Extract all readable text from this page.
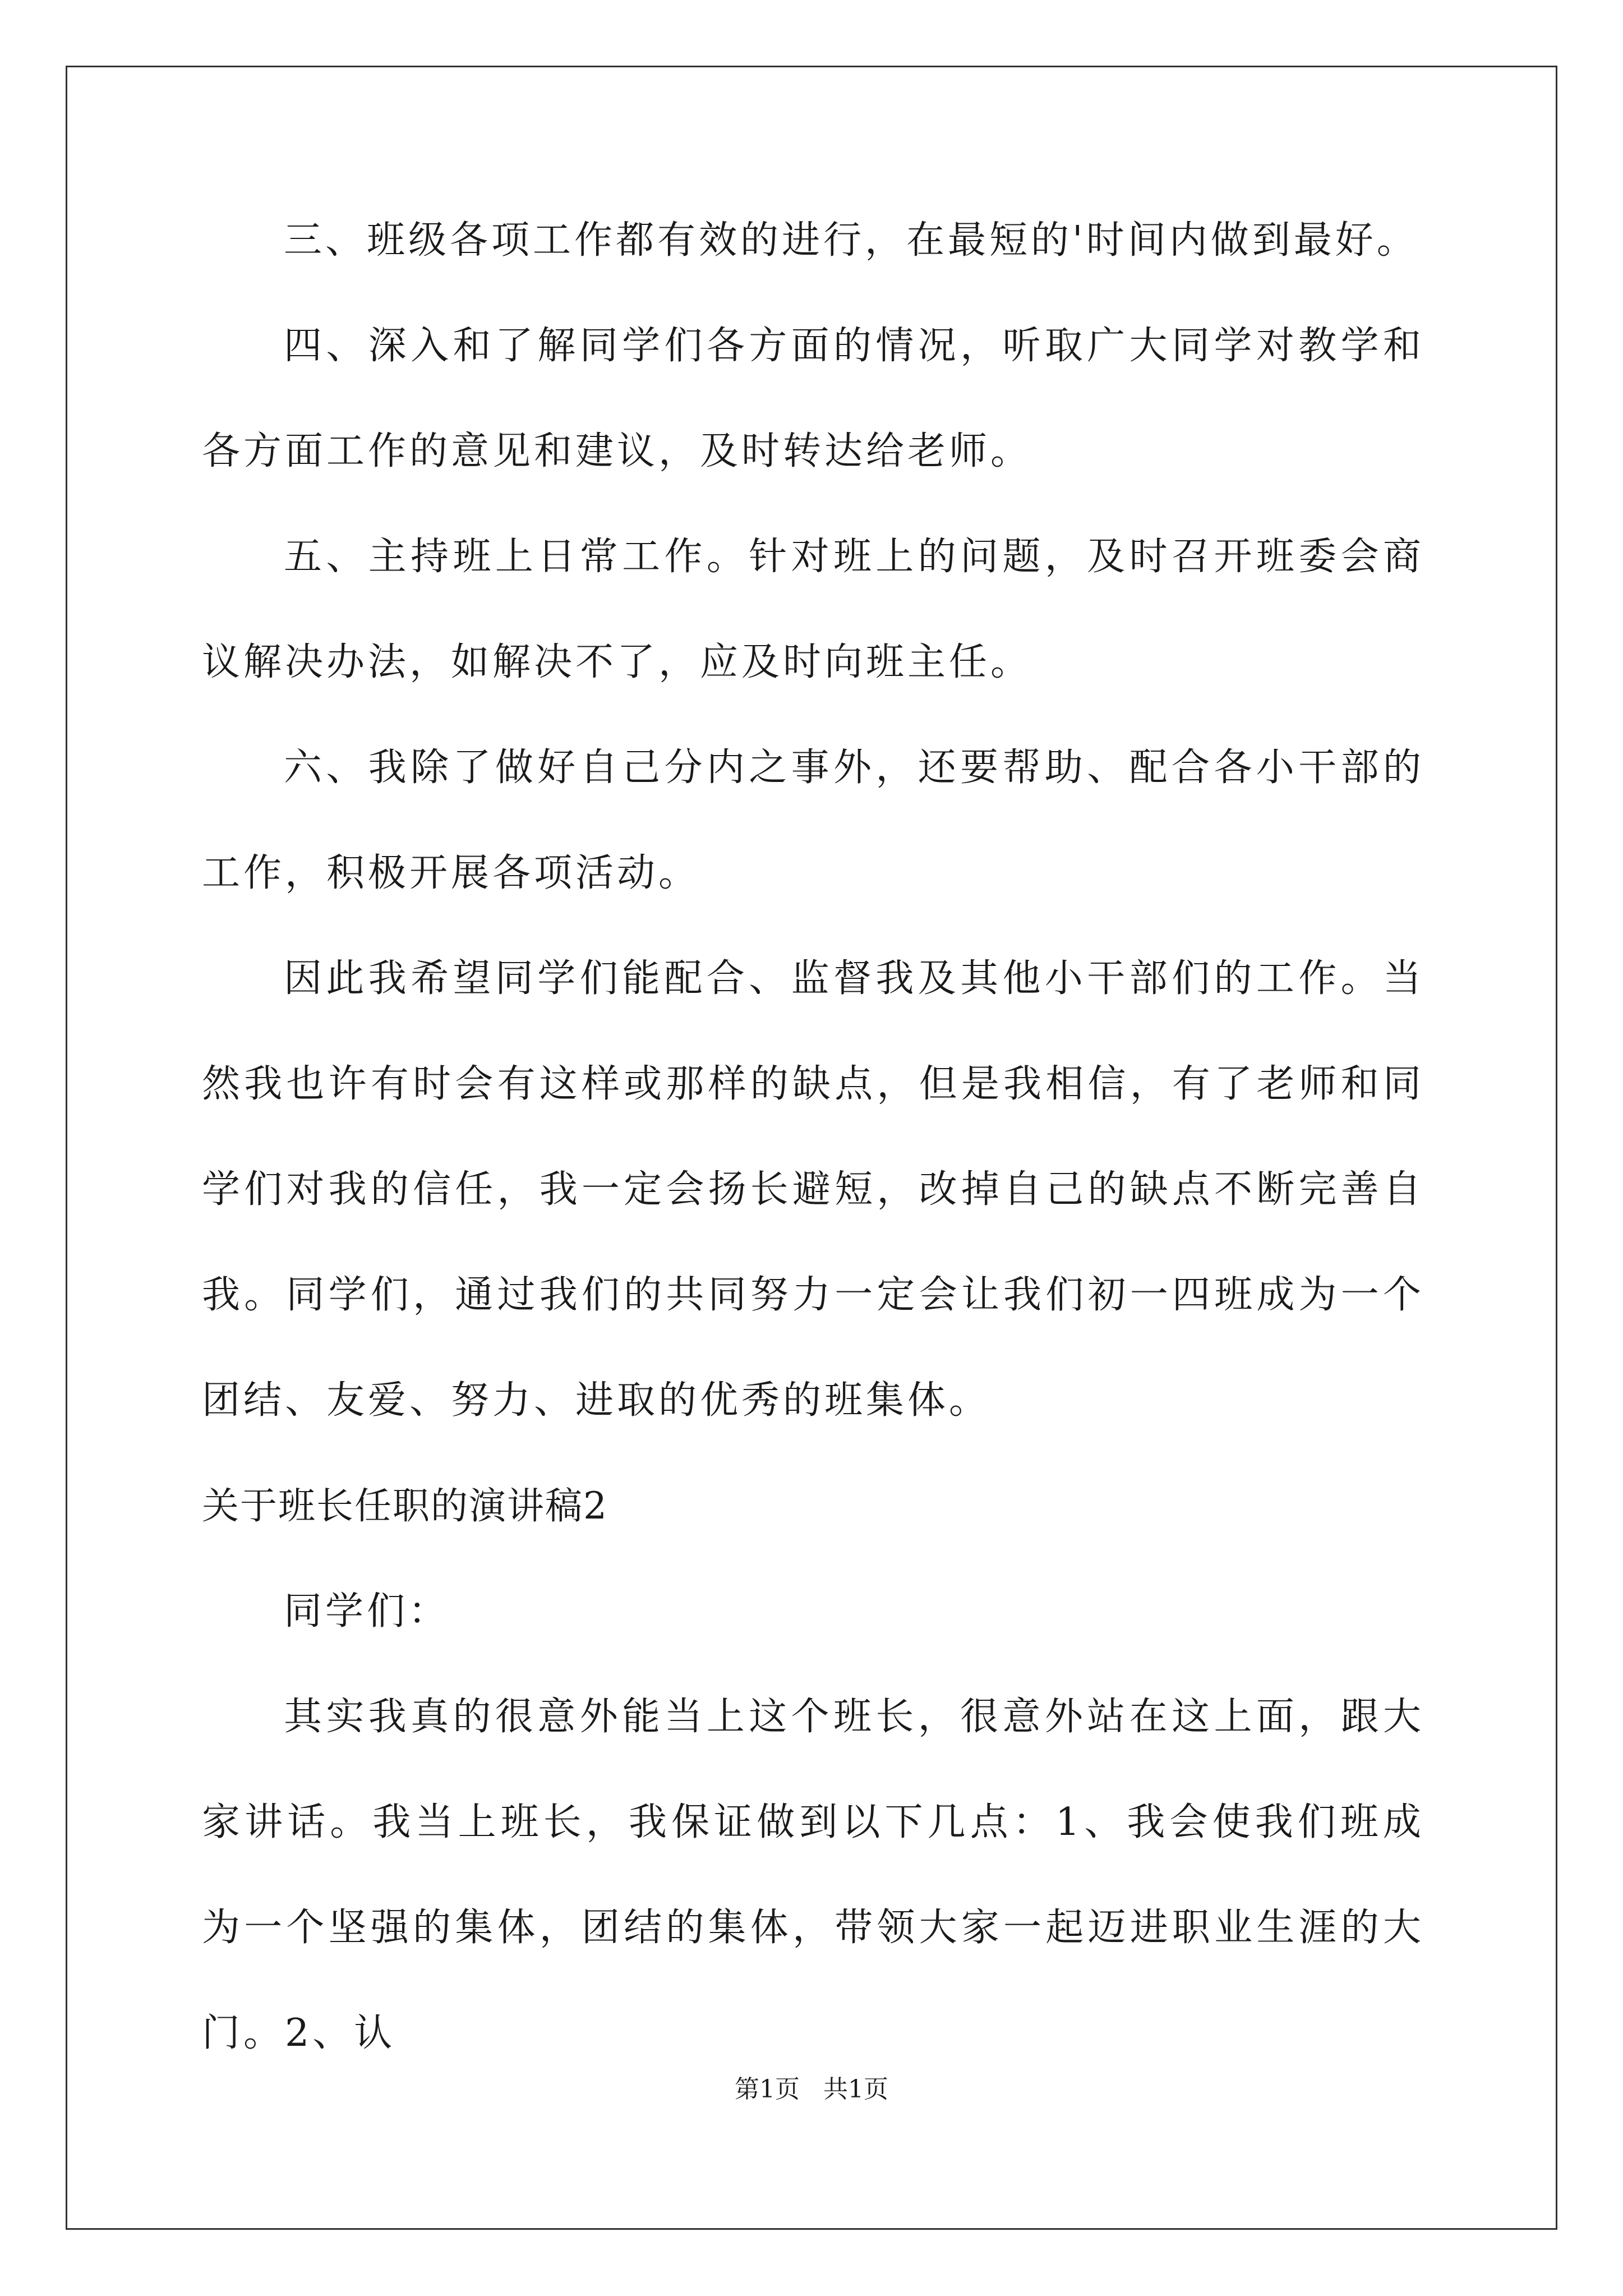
三、班级各项工作都有效的进行，在最短的'时间内做到最好。

四、深入和了解同学们各方面的情况，听取广大同学对教学和各方面工作的意见和建议，及时转达给老师。

五、主持班上日常工作。针对班上的问题，及时召开班委会商议解决办法，如解决不了，应及时向班主任。

六、我除了做好自己分内之事外，还要帮助、配合各小干部的工作，积极开展各项活动。

因此我希望同学们能配合、监督我及其他小干部们的工作。当然我也许有时会有这样或那样的缺点，但是我相信，有了老师和同学们对我的信任，我一定会扬长避短，改掉自己的缺点不断完善自我。同学们，通过我们的共同努力一定会让我们初一四班成为一个团结、友爱、努力、进取的优秀的班集体。

关于班长任职的演讲稿2

同学们：

其实我真的很意外能当上这个班长，很意外站在这上面，跟大家讲话。我当上班长，我保证做到以下几点：1、我会使我们班成为一个坚强的集体，团结的集体，带领大家一起迈进职业生涯的大门。2、认

第1页   共1页
